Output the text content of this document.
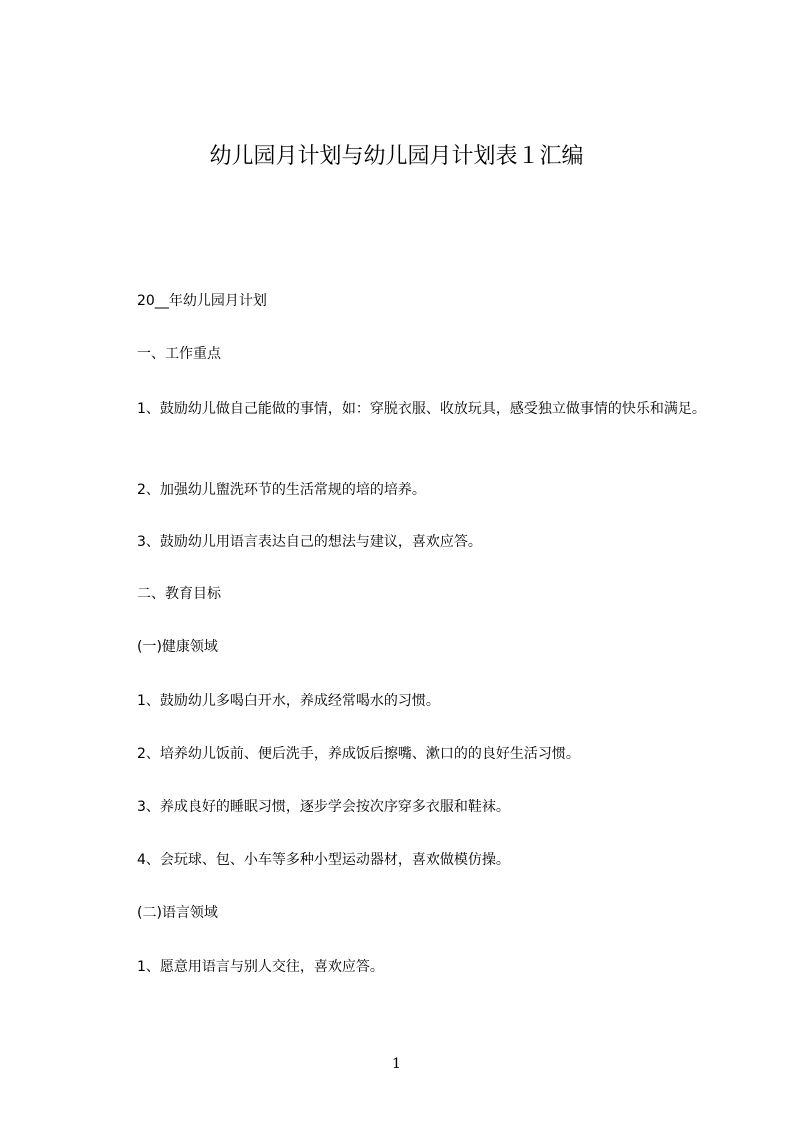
幼儿园月计划与幼儿园月计划表１汇编

20__年幼儿园月计划

一、工作重点

1、鼓励幼儿做自己能做的事情，如：穿脱衣服、收放玩具，感受独立做事情的快乐和满足。

2、加强幼儿盥洗环节的生活常规的培的培养。

3、鼓励幼儿用语言表达自己的想法与建议，喜欢应答。

二、教育目标

(一)健康领域

1、鼓励幼儿多喝白开水，养成经常喝水的习惯。

2、培养幼儿饭前、便后洗手，养成饭后擦嘴、漱口的的良好生活习惯。

3、养成良好的睡眠习惯，逐步学会按次序穿多衣服和鞋袜。

4、会玩球、包、小车等多种小型运动器材，喜欢做模仿操。

(二)语言领域

1、愿意用语言与别人交往，喜欢应答。

1
